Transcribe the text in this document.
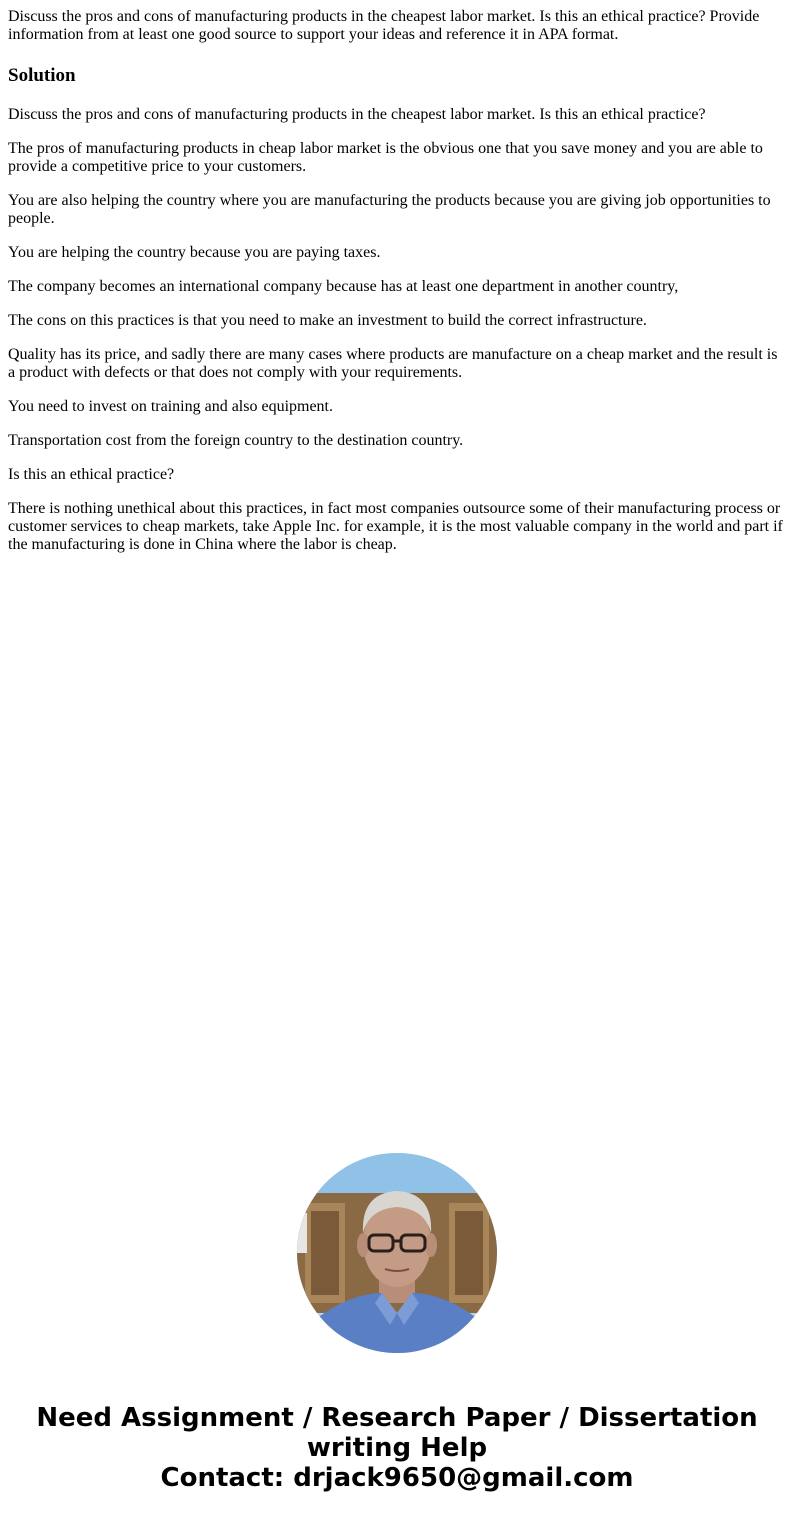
Discuss the pros and cons of manufacturing products in the cheapest labor market. Is this an ethical practice? Provide information from at least one good source to support your ideas and reference it in APA format.

Solution

Discuss the pros and cons of manufacturing products in the cheapest labor market. Is this an ethical practice?

The pros of manufacturing products in cheap labor market is the obvious one that you save money and you are able to provide a competitive price to your customers.

You are also helping the country where you are manufacturing the products because you are giving job opportunities to people.

You are helping the country because you are paying taxes.

The company becomes an international company because has at least one department in another country,

The cons on this practices is that you need to make an investment to build the correct infrastructure.

Quality has its price, and sadly there are many cases where products are manufacture on a cheap market and the result is a product with defects or that does not comply with your requirements.

You need to invest on training and also equipment.

Transportation cost from the foreign country to the destination country.

Is this an ethical practice?

There is nothing unethical about this practices, in fact most companies outsource some of their manufacturing process or customer services to cheap markets, take Apple Inc. for example, it is the most valuable company in the world and part if the manufacturing is done in China where the labor is cheap.

Need Assignment / Research Paper / Dissertation
writing Help
Contact: drjack9650@gmail.com
